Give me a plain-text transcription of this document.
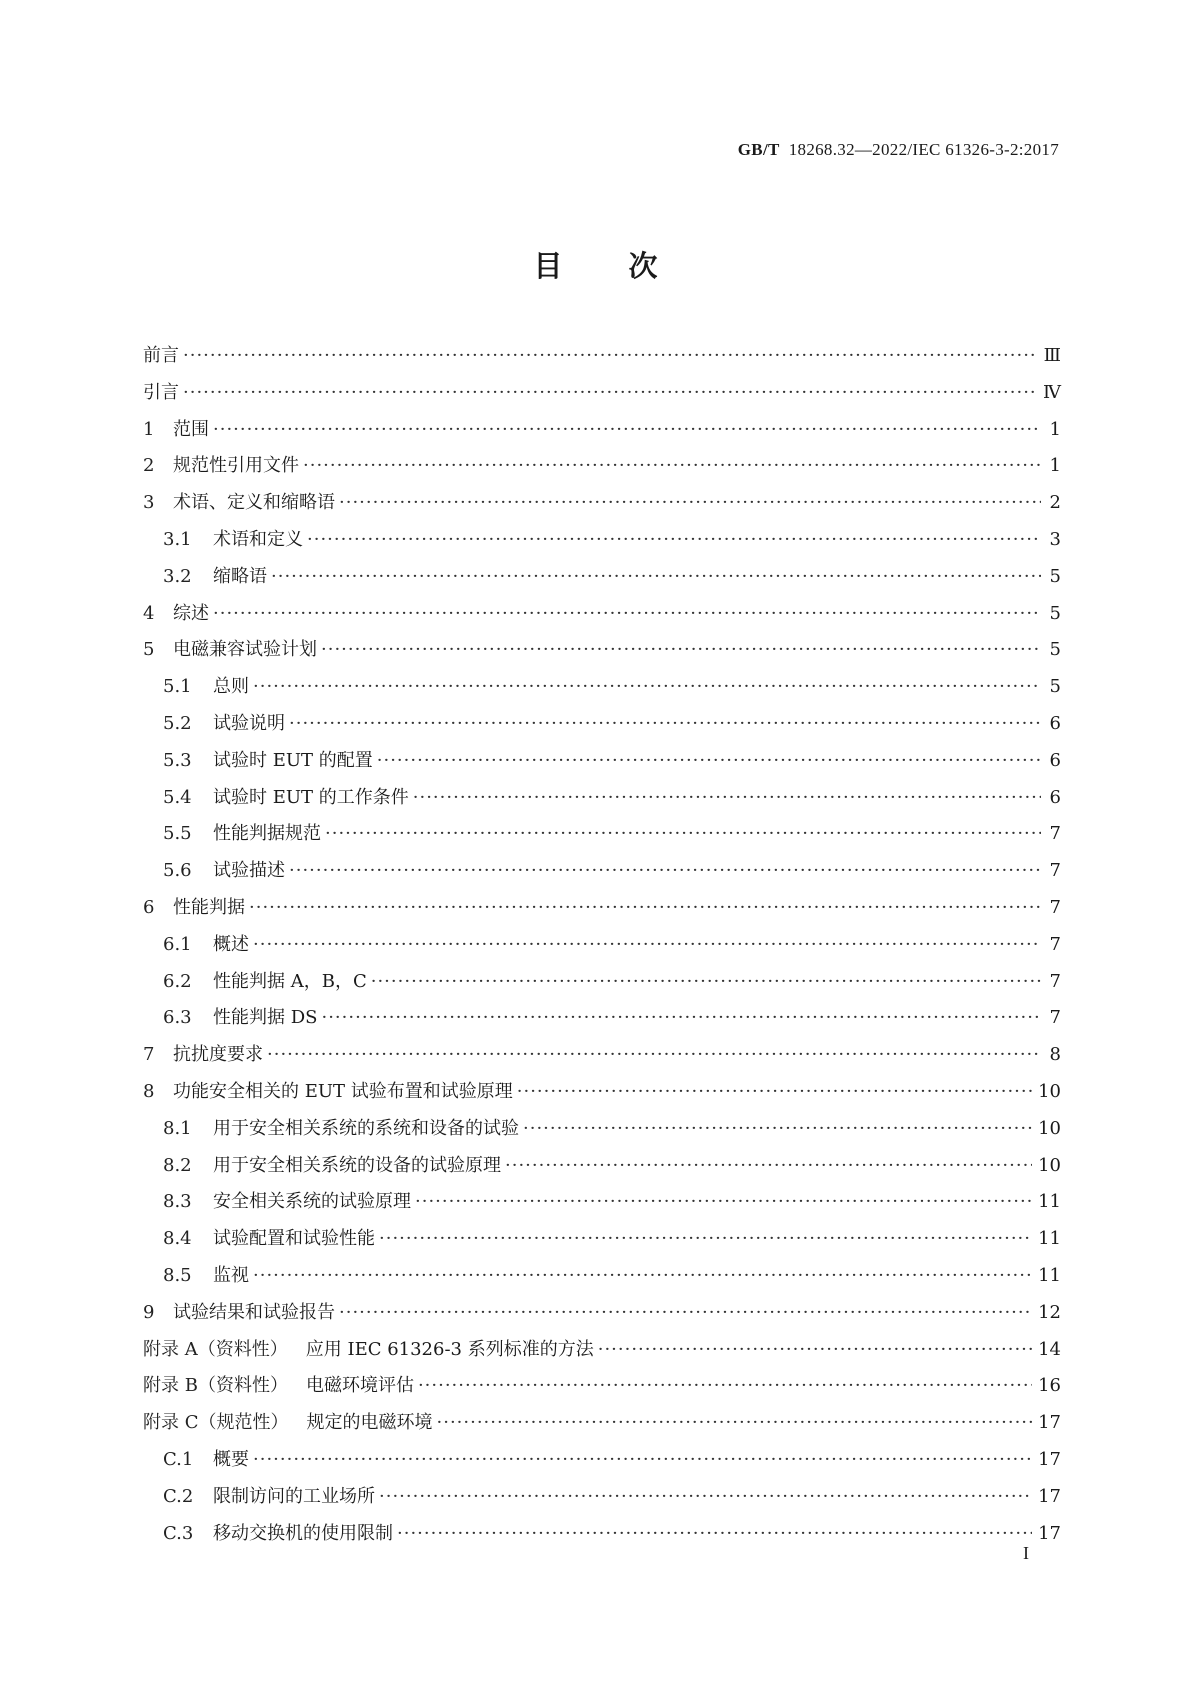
GB/T 18268.32—2022/IEC 61326-3-2:2017
目 次
前言 ·····	Ⅲ
引言 ·····	Ⅳ
1	范围 ·····	1
2	规范性引用文件 ·····	1
3	术语、定义和缩略语 ·····	2
3.1	术语和定义 ·····	3
3.2	缩略语 ·····	5
4	综述 ·····	5
5	电磁兼容试验计划 ·····	5
5.1	总则 ·····	5
5.2	试验说明 ·····	6
5.3	试验时 EUT 的配置 ·····	6
5.4	试验时 EUT 的工作条件 ·····	6
5.5	性能判据规范 ·····	7
5.6	试验描述 ·····	7
6	性能判据 ·····	7
6.1	概述 ·····	7
6.2	性能判据 A，B，C ·····	7
6.3	性能判据 DS ·····	7
7	抗扰度要求 ·····	8
8	功能安全相关的 EUT 试验布置和试验原理 ·····	10
8.1	用于安全相关系统的系统和设备的试验 ·····	10
8.2	用于安全相关系统的设备的试验原理 ·····	10
8.3	安全相关系统的试验原理 ·····	11
8.4	试验配置和试验性能 ·····	11
8.5	监视 ·····	11
9	试验结果和试验报告 ·····	12
附录 A（资料性）	应用 IEC 61326-3 系列标准的方法 ·····	14
附录 B（资料性）	电磁环境评估 ·····	16
附录 C（规范性）	规定的电磁环境 ·····	17
C.1	概要 ·····	17
C.2	限制访问的工业场所 ·····	17
C.3	移动交换机的使用限制 ·····	17
I
